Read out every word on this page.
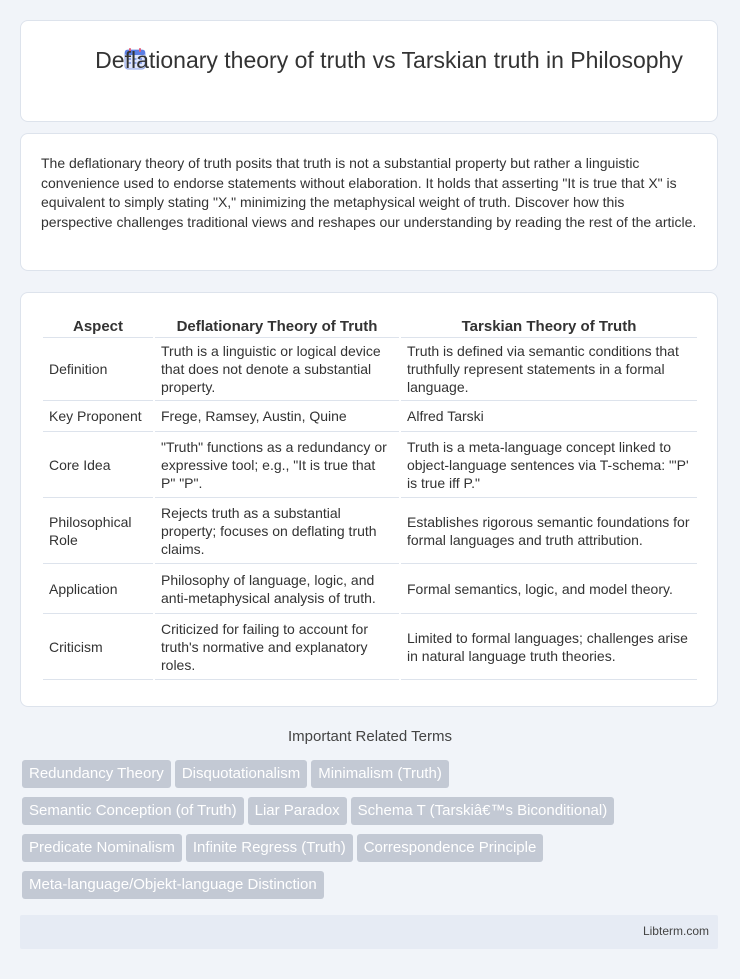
Deflationary theory of truth vs Tarskian truth in Philosophy

The deflationary theory of truth posits that truth is not a substantial property but rather a linguistic convenience used to endorse statements without elaboration. It holds that asserting "It is true that X" is equivalent to simply stating "X," minimizing the metaphysical weight of truth. Discover how this perspective challenges traditional views and reshapes our understanding by reading the rest of the article.

Aspect	Deflationary Theory of Truth	Tarskian Theory of Truth
Definition	Truth is a linguistic or logical device that does not denote a substantial property.	Truth is defined via semantic conditions that truthfully represent statements in a formal language.
Key Proponent	Frege, Ramsey, Austin, Quine	Alfred Tarski
Core Idea	"Truth" functions as a redundancy or expressive tool; e.g., "It is true that P" "P".	Truth is a meta-language concept linked to object-language sentences via T-schema: "'P' is true iff P."
Philosophical Role	Rejects truth as a substantial property; focuses on deflating truth claims.	Establishes rigorous semantic foundations for formal languages and truth attribution.
Application	Philosophy of language, logic, and anti-metaphysical analysis of truth.	Formal semantics, logic, and model theory.
Criticism	Criticized for failing to account for truth's normative and explanatory roles.	Limited to formal languages; challenges arise in natural language truth theories.
Important Related Terms
Redundancy Theory Disquotationalism Minimalism (Truth)
Semantic Conception (of Truth) Liar Paradox Schema T (Tarskiâ€™s Biconditional)
Predicate Nominalism Infinite Regress (Truth) Correspondence Principle
Meta-language/Objekt-language Distinction
Libterm.com
